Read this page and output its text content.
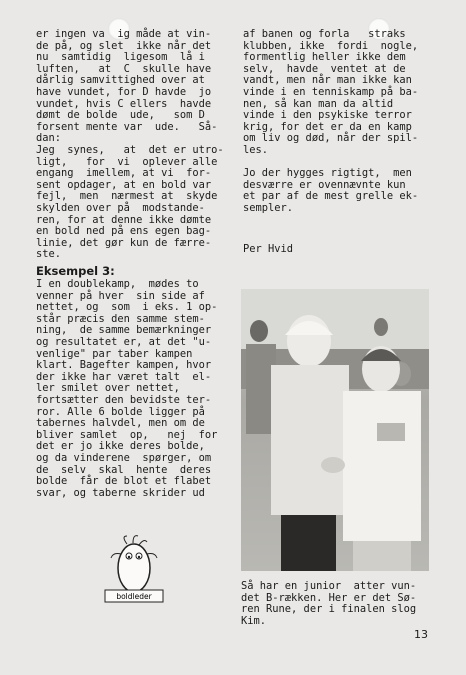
er ingen va  ig måde at vin-
de på, og slet  ikke når det
nu  samtidig  ligesom  lå i
luften,   at  C  skulle have
dårlig samvittighed over at
have vundet, for D havde  jo
vundet, hvis C ellers  havde
dømt de bolde  ude,   som D
forsent mente var  ude.   Så-
dan:
Jeg  synes,   at  det er utro-
ligt,   for  vi  oplever alle
engang  imellem, at vi  for-
sent opdager, at en bold var
fejl,  men  nærmest at  skyde
skylden over på  modstande-
ren, for at denne ikke dømte
en bold ned på ens egen bag-
linie, det gør kun de færre-
ste.
Eksempel 3:
I en doublekamp,  mødes to
venner på hver  sin side af
nettet, og  som  i eks. 1 op-
står præcis den samme stem-
ning,  de samme bemærkninger
og resultatet er, at det "u-
venlige" par taber kampen
klart. Bagefter kampen, hvor
der ikke har været talt  el-
ler smilet over nettet,
fortsætter den bevidste ter-
ror. Alle 6 bolde ligger på
tabernes halvdel, men om de
bliver samlet  op,   nej  for
det er jo ikke deres bolde,
og da vinderene  spørger, om
de  selv  skal  hente  deres
bolde  får de blot et flabet
svar, og taberne skrider ud
boldleder
af banen og forla   straks
klubben, ikke  fordi  nogle,
formentlig heller ikke dem
selv,  havde  ventet at de
vandt, men når man ikke kan
vinde i en tenniskamp på ba-
nen, så kan man da altid
vinde i den psykiske terror
krig, for det er da en kamp
om liv og død, når der spil-
les.
Jo der hygges rigtigt,  men
desværre er ovennævnte kun
et par af de mest grelle ek-
sempler.
Per Hvid
Så har en junior  atter vun-
det B-rækken. Her er det Sø-
ren Rune, der i finalen slog
Kim.
13
